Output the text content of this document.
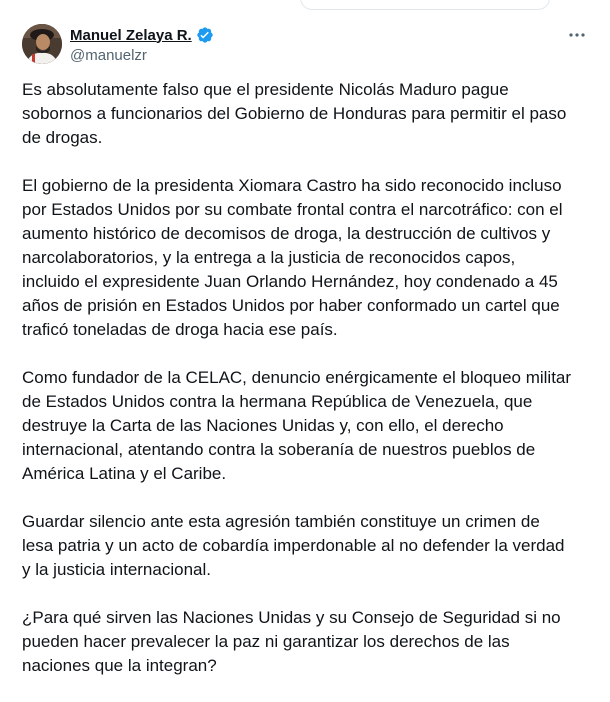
Manuel Zelaya R.
@manuelzr

Es absolutamente falso que el presidente Nicolás Maduro pague
sobornos a funcionarios del Gobierno de Honduras para permitir el paso
de drogas.

El gobierno de la presidenta Xiomara Castro ha sido reconocido incluso
por Estados Unidos por su combate frontal contra el narcotráfico: con el
aumento histórico de decomisos de droga, la destrucción de cultivos y
narcolaboratorios, y la entrega a la justicia de reconocidos capos,
incluido el expresidente Juan Orlando Hernández, hoy condenado a 45
años de prisión en Estados Unidos por haber conformado un cartel que
traficó toneladas de droga hacia ese país.

Como fundador de la CELAC, denuncio enérgicamente el bloqueo militar
de Estados Unidos contra la hermana República de Venezuela, que
destruye la Carta de las Naciones Unidas y, con ello, el derecho
internacional, atentando contra la soberanía de nuestros pueblos de
América Latina y el Caribe.

Guardar silencio ante esta agresión también constituye un crimen de
lesa patria y un acto de cobardía imperdonable al no defender la verdad
y la justicia internacional.

¿Para qué sirven las Naciones Unidas y su Consejo de Seguridad si no
pueden hacer prevalecer la paz ni garantizar los derechos de las
naciones que la integran?
